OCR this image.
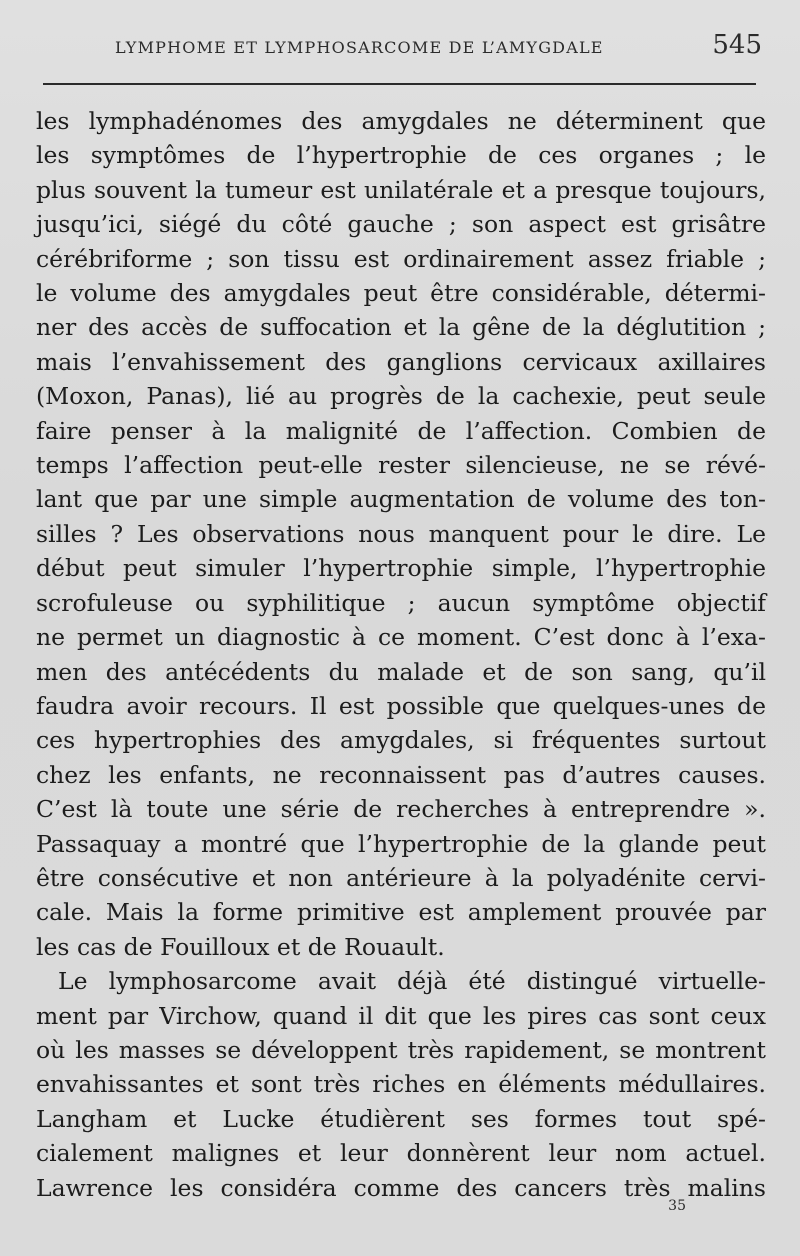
LYMPHOME ET LYMPHOSARCOME DE L’AMYGDALE	545
les lymphadénomes des amygdales ne déterminent que
les symptômes de l’hypertrophie de ces organes ; le
plus souvent la tumeur est unilatérale et a presque toujours,
jusqu’ici, siégé du côté gauche ; son aspect est grisâtre
cérébriforme ; son tissu est ordinairement assez friable ;
le volume des amygdales peut être considérable, détermi-
ner des accès de suffocation et la gêne de la déglutition ;
mais l’envahissement des ganglions cervicaux axillaires
(Moxon, Panas), lié au progrès de la cachexie, peut seule
faire penser à la malignité de l’affection. Combien de
temps l’affection peut-elle rester silencieuse, ne se révé-
lant que par une simple augmentation de volume des ton-
silles ? Les observations nous manquent pour le dire. Le
début peut simuler l’hypertrophie simple, l’hypertrophie
scrofuleuse ou syphilitique ; aucun symptôme objectif
ne permet un diagnostic à ce moment. C’est donc à l’exa-
men des antécédents du malade et de son sang, qu’il
faudra avoir recours. Il est possible que quelques-unes de
ces hypertrophies des amygdales, si fréquentes surtout
chez les enfants, ne reconnaissent pas d’autres causes.
C’est là toute une série de recherches à entreprendre ».
Passaquay a montré que l’hypertrophie de la glande peut
être consécutive et non antérieure à la polyadénite cervi-
cale. Mais la forme primitive est amplement prouvée par
les cas de Fouilloux et de Rouault.
Le lymphosarcome avait déjà été distingué virtuelle-
ment par Virchow, quand il dit que les pires cas sont ceux
où les masses se développent très rapidement, se montrent
envahissantes et sont très riches en éléments médullaires.
Langham et Lucke étudièrent ses formes tout spé-
cialement malignes et leur donnèrent leur nom actuel.
Lawrence les considéra comme des cancers très malins
35
